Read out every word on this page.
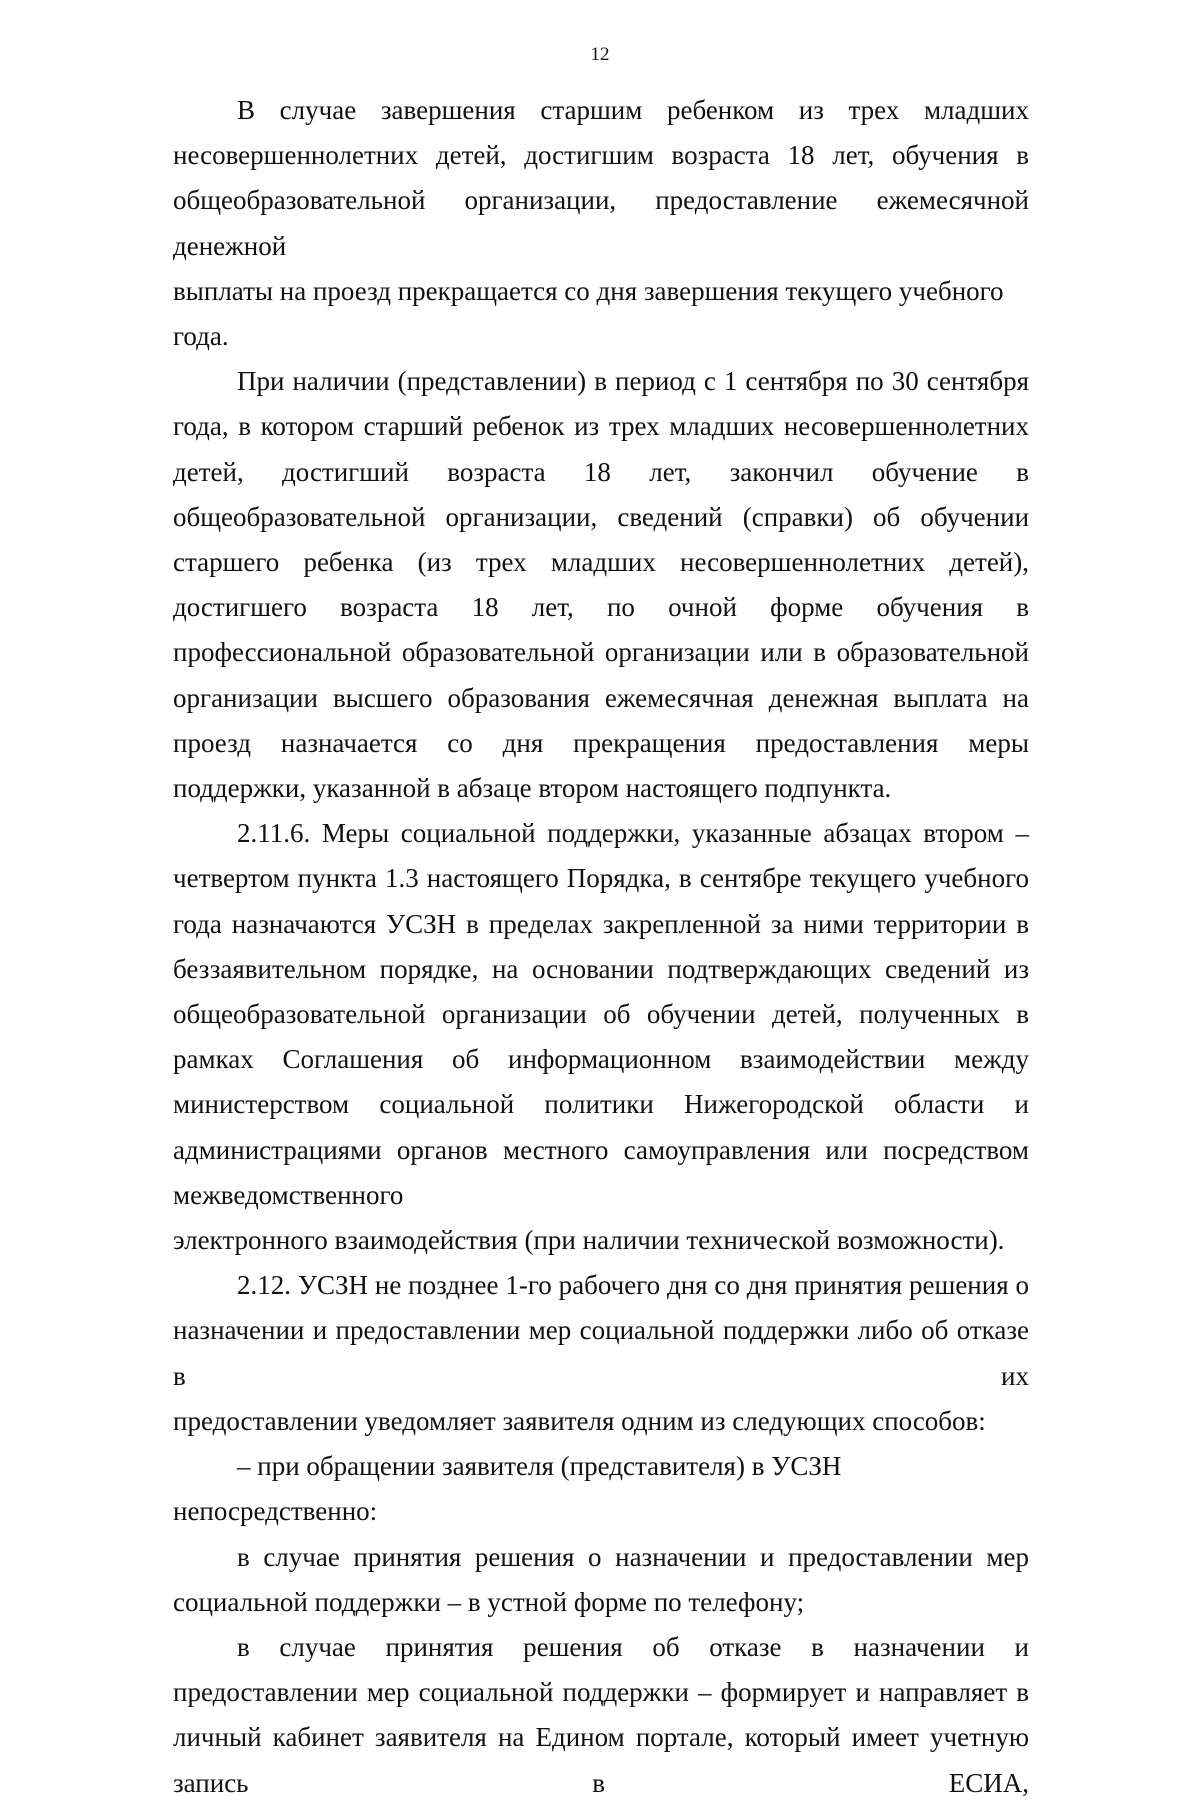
12

В случае завершения старшим ребенком из трех младших несовершеннолетних детей, достигшим возраста 18 лет, обучения в общеобразовательной организации, предоставление ежемесячной денежной
выплаты на проезд прекращается со дня завершения текущего учебного года.

При наличии (представлении) в период с 1 сентября по 30 сентября года, в котором старший ребенок из трех младших несовершеннолетних детей, достигший возраста 18 лет, закончил обучение в общеобразовательной организации, сведений (справки) об обучении старшего ребенка (из трех младших несовершеннолетних детей), достигшего возраста 18 лет, по очной форме обучения в профессиональной образовательной организации или в образовательной организации высшего образования ежемесячная денежная выплата на проезд назначается со дня прекращения предоставления меры
поддержки, указанной в абзаце втором настоящего подпункта.

2.11.6. Меры социальной поддержки, указанные абзацах втором – четвертом пункта 1.3 настоящего Порядка, в сентябре текущего учебного года назначаются УСЗН в пределах закрепленной за ними территории в беззаявительном порядке, на основании подтверждающих сведений из общеобразовательной организации об обучении детей, полученных в рамках Соглашения об информационном взаимодействии между министерством социальной политики Нижегородской области и администрациями органов местного самоуправления или посредством межведомственного
электронного взаимодействия (при наличии технической возможности).

2.12. УСЗН не позднее 1-го рабочего дня со дня принятия решения о назначении и предоставлении мер социальной поддержки либо об отказе в их
предоставлении уведомляет заявителя одним из следующих способов:

– при обращении заявителя (представителя) в УСЗН непосредственно:

в случае принятия решения о назначении и предоставлении мер
социальной поддержки – в устной форме по телефону;

в случае принятия решения об отказе в назначении и предоставлении мер социальной поддержки – формирует и направляет в личный кабинет заявителя на Едином портале, который имеет учетную запись в ЕСИА,
